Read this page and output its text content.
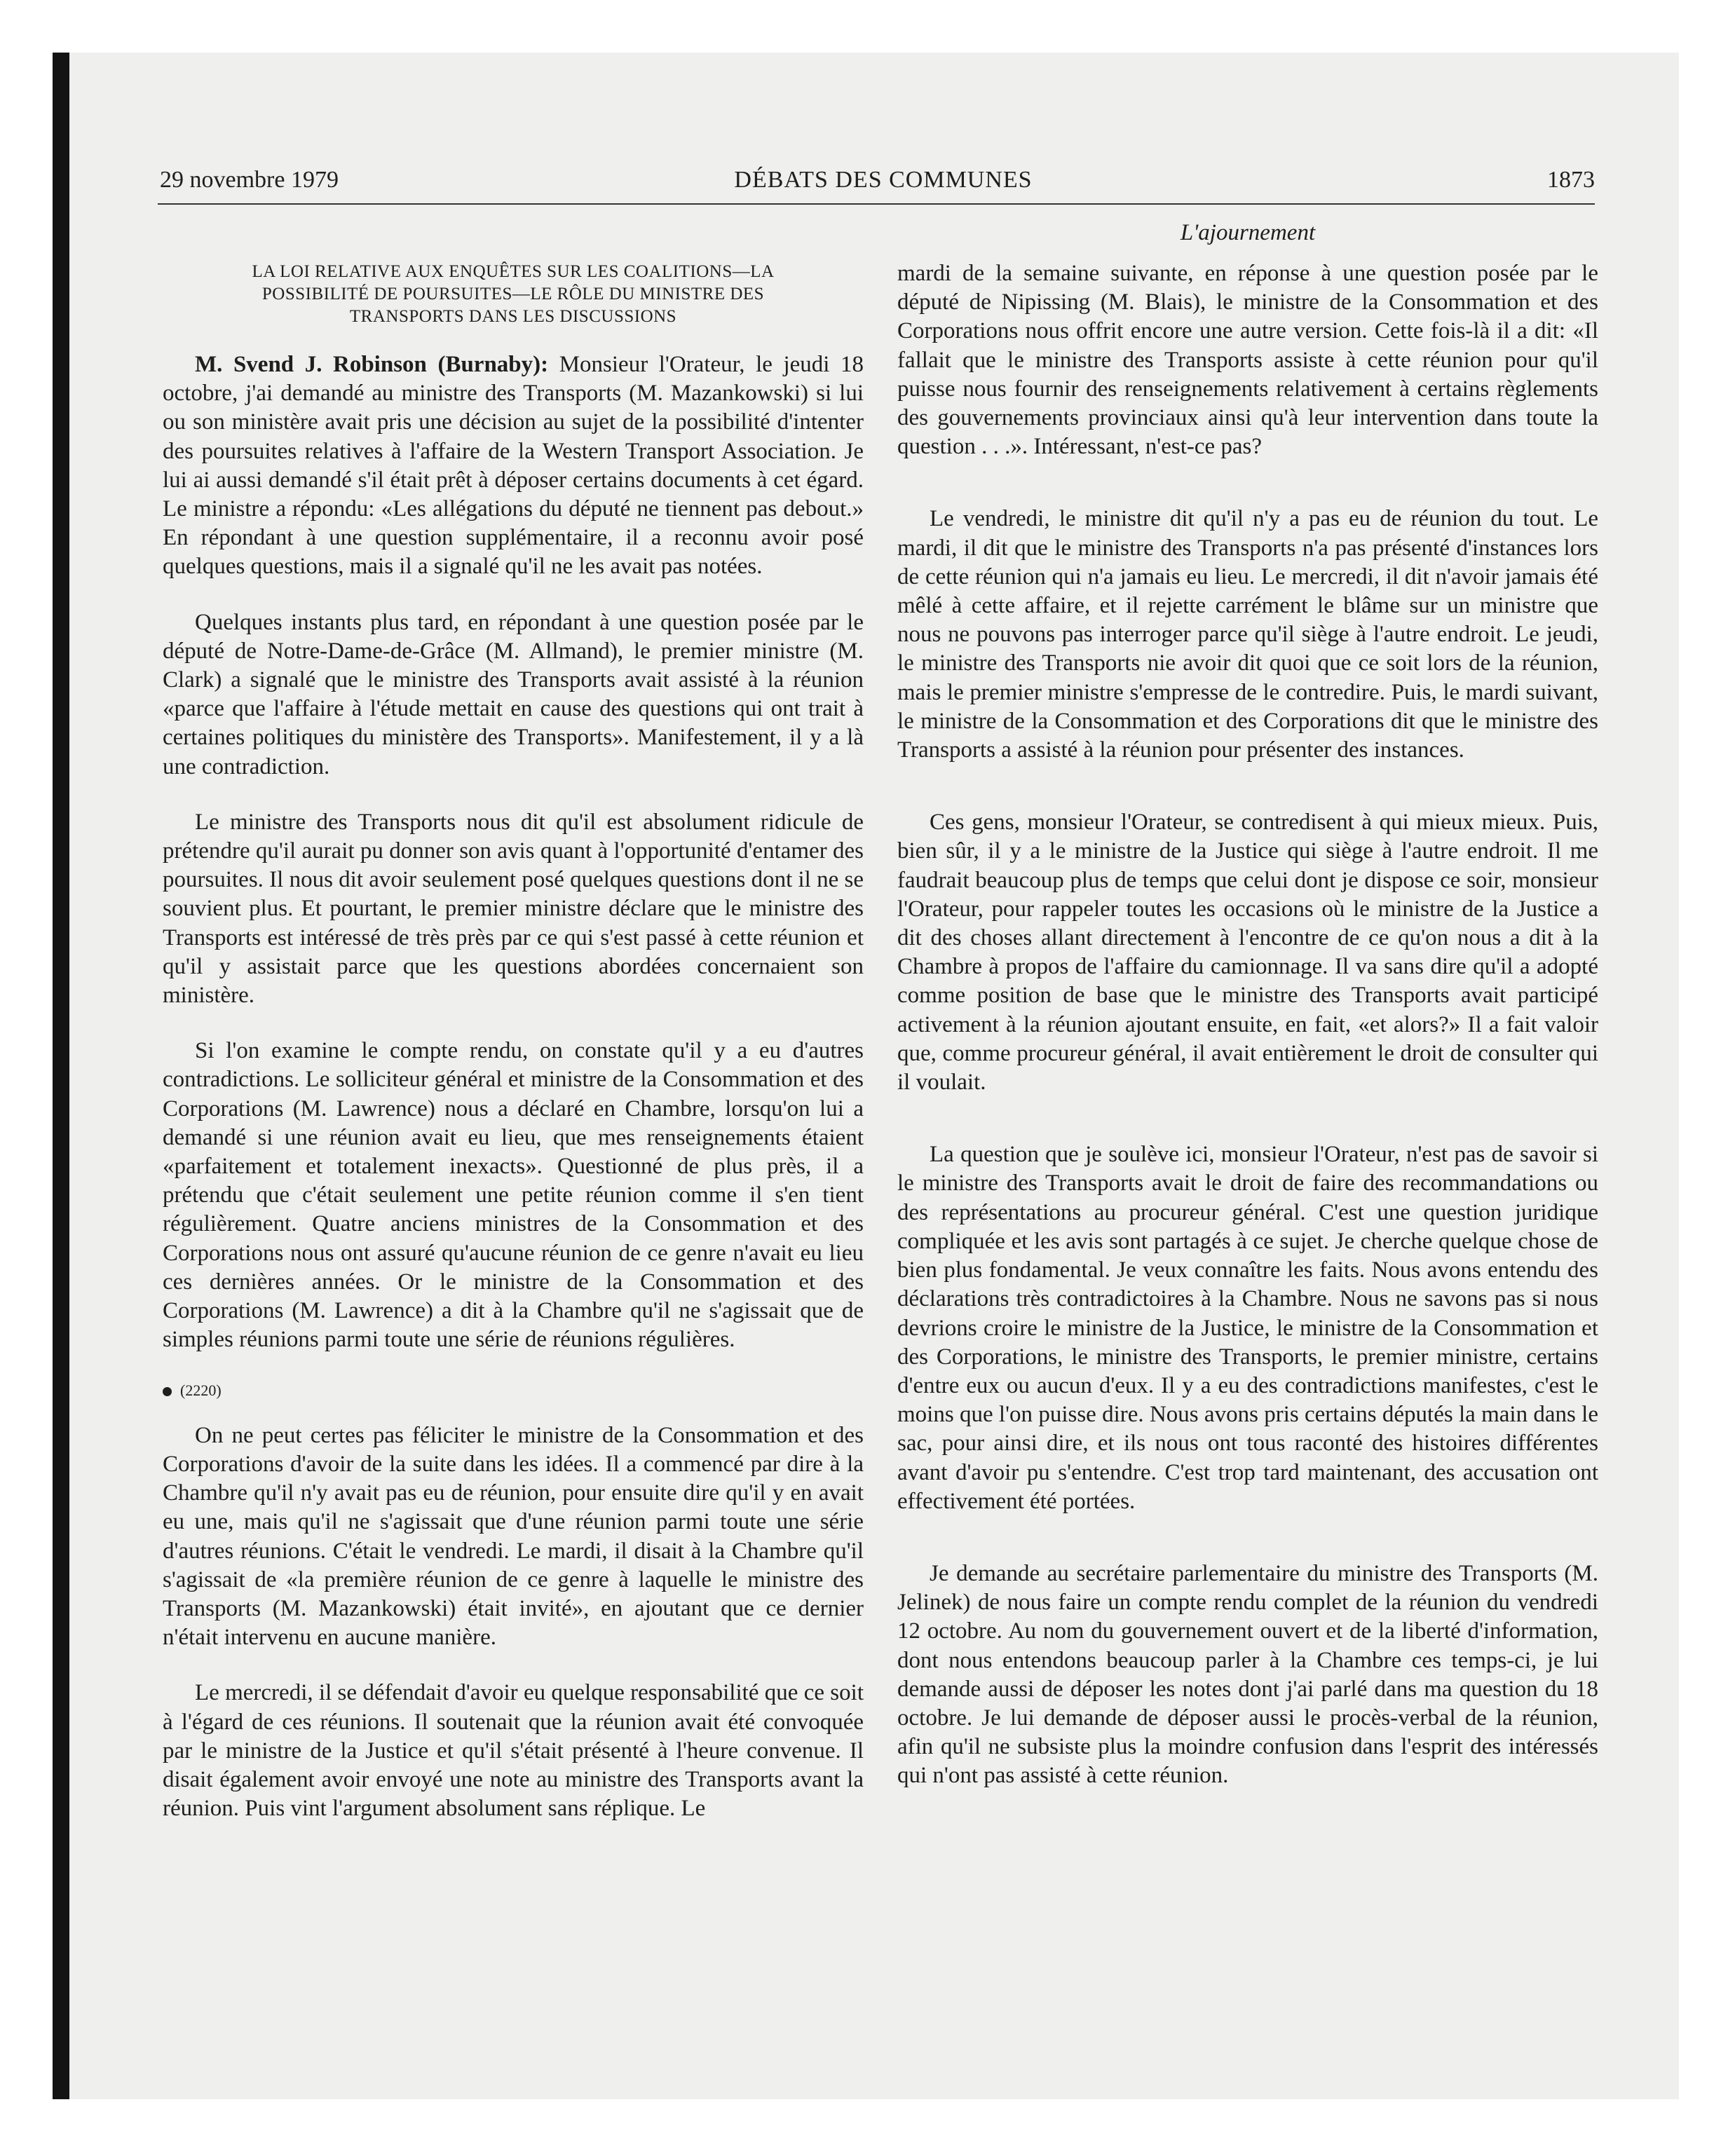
29 novembre 1979	DÉBATS DES COMMUNES	1873
LA LOI RELATIVE AUX ENQUÊTES SUR LES COALITIONS—LA
POSSIBILITÉ DE POURSUITES—LE RÔLE DU MINISTRE DES
TRANSPORTS DANS LES DISCUSSIONS
L'ajournement

M. Svend J. Robinson (Burnaby): Monsieur l'Orateur, le jeudi 18 octobre, j'ai demandé au ministre des Transports (M. Mazankowski) si lui ou son ministère avait pris une décision au sujet de la possibilité d'intenter des poursuites relatives à l'affaire de la Western Transport Association. Je lui ai aussi demandé s'il était prêt à déposer certains documents à cet égard. Le ministre a répondu: «Les allégations du député ne tiennent pas debout.» En répondant à une question supplémentaire, il a reconnu avoir posé quelques questions, mais il a signalé qu'il ne les avait pas notées.

Quelques instants plus tard, en répondant à une question posée par le député de Notre-Dame-de-Grâce (M. Allmand), le premier ministre (M. Clark) a signalé que le ministre des Transports avait assisté à la réunion «parce que l'affaire à l'étude mettait en cause des questions qui ont trait à certaines politiques du ministère des Transports». Manifestement, il y a là une contradiction.

Le ministre des Transports nous dit qu'il est absolument ridicule de prétendre qu'il aurait pu donner son avis quant à l'opportunité d'entamer des poursuites. Il nous dit avoir seulement posé quelques questions dont il ne se souvient plus. Et pourtant, le premier ministre déclare que le ministre des Transports est intéressé de très près par ce qui s'est passé à cette réunion et qu'il y assistait parce que les questions abordées concernaient son ministère.

Si l'on examine le compte rendu, on constate qu'il y a eu d'autres contradictions. Le solliciteur général et ministre de la Consommation et des Corporations (M. Lawrence) nous a déclaré en Chambre, lorsqu'on lui a demandé si une réunion avait eu lieu, que mes renseignements étaient «parfaitement et totalement inexacts». Questionné de plus près, il a prétendu que c'était seulement une petite réunion comme il s'en tient régulièrement. Quatre anciens ministres de la Consommation et des Corporations nous ont assuré qu'aucune réunion de ce genre n'avait eu lieu ces dernières années. Or le ministre de la Consommation et des Corporations (M. Lawrence) a dit à la Chambre qu'il ne s'agissait que de simples réunions parmi toute une série de réunions régulières.

(2220)

On ne peut certes pas féliciter le ministre de la Consommation et des Corporations d'avoir de la suite dans les idées. Il a commencé par dire à la Chambre qu'il n'y avait pas eu de réunion, pour ensuite dire qu'il y en avait eu une, mais qu'il ne s'agissait que d'une réunion parmi toute une série d'autres réunions. C'était le vendredi. Le mardi, il disait à la Chambre qu'il s'agissait de «la première réunion de ce genre à laquelle le ministre des Transports (M. Mazankowski) était invité», en ajoutant que ce dernier n'était intervenu en aucune manière.

Le mercredi, il se défendait d'avoir eu quelque responsabilité que ce soit à l'égard de ces réunions. Il soutenait que la réunion avait été convoquée par le ministre de la Justice et qu'il s'était présenté à l'heure convenue. Il disait également avoir envoyé une note au ministre des Transports avant la réunion. Puis vint l'argument absolument sans réplique. Le

mardi de la semaine suivante, en réponse à une question posée par le député de Nipissing (M. Blais), le ministre de la Consommation et des Corporations nous offrit encore une autre version. Cette fois-là il a dit: «Il fallait que le ministre des Transports assiste à cette réunion pour qu'il puisse nous fournir des renseignements relativement à certains règlements des gouvernements provinciaux ainsi qu'à leur intervention dans toute la question . . .». Intéressant, n'est-ce pas?

Le vendredi, le ministre dit qu'il n'y a pas eu de réunion du tout. Le mardi, il dit que le ministre des Transports n'a pas présenté d'instances lors de cette réunion qui n'a jamais eu lieu. Le mercredi, il dit n'avoir jamais été mêlé à cette affaire, et il rejette carrément le blâme sur un ministre que nous ne pouvons pas interroger parce qu'il siège à l'autre endroit. Le jeudi, le ministre des Transports nie avoir dit quoi que ce soit lors de la réunion, mais le premier ministre s'empresse de le contredire. Puis, le mardi suivant, le ministre de la Consommation et des Corporations dit que le ministre des Transports a assisté à la réunion pour présenter des instances.

Ces gens, monsieur l'Orateur, se contredisent à qui mieux mieux. Puis, bien sûr, il y a le ministre de la Justice qui siège à l'autre endroit. Il me faudrait beaucoup plus de temps que celui dont je dispose ce soir, monsieur l'Orateur, pour rappeler toutes les occasions où le ministre de la Justice a dit des choses allant directement à l'encontre de ce qu'on nous a dit à la Chambre à propos de l'affaire du camionnage. Il va sans dire qu'il a adopté comme position de base que le ministre des Transports avait participé activement à la réunion ajoutant ensuite, en fait, «et alors?» Il a fait valoir que, comme procureur général, il avait entièrement le droit de consulter qui il voulait.

La question que je soulève ici, monsieur l'Orateur, n'est pas de savoir si le ministre des Transports avait le droit de faire des recommandations ou des représentations au procureur général. C'est une question juridique compliquée et les avis sont partagés à ce sujet. Je cherche quelque chose de bien plus fondamental. Je veux connaître les faits. Nous avons entendu des déclarations très contradictoires à la Chambre. Nous ne savons pas si nous devrions croire le ministre de la Justice, le ministre de la Consommation et des Corporations, le ministre des Transports, le premier ministre, certains d'entre eux ou aucun d'eux. Il y a eu des contradictions manifestes, c'est le moins que l'on puisse dire. Nous avons pris certains députés la main dans le sac, pour ainsi dire, et ils nous ont tous raconté des histoires différentes avant d'avoir pu s'entendre. C'est trop tard maintenant, des accusation ont effectivement été portées.

Je demande au secrétaire parlementaire du ministre des Transports (M. Jelinek) de nous faire un compte rendu complet de la réunion du vendredi 12 octobre. Au nom du gouvernement ouvert et de la liberté d'information, dont nous entendons beaucoup parler à la Chambre ces temps-ci, je lui demande aussi de déposer les notes dont j'ai parlé dans ma question du 18 octobre. Je lui demande de déposer aussi le procès-verbal de la réunion, afin qu'il ne subsiste plus la moindre confusion dans l'esprit des intéressés qui n'ont pas assisté à cette réunion.
